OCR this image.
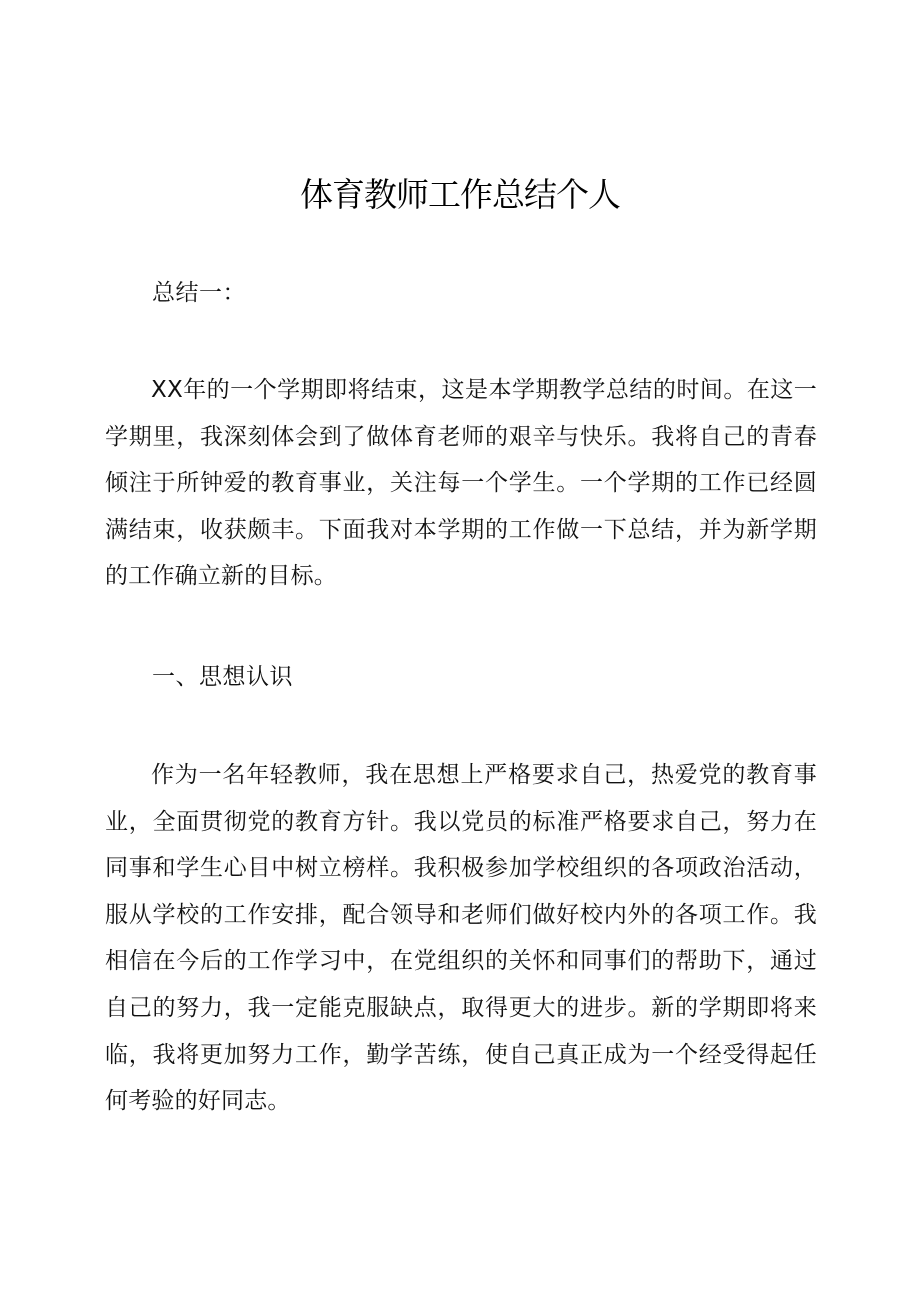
体育教师工作总结个人
总结一：

XX年的一个学期即将结束，这是本学期教学总结的时间。在这一学期里，我深刻体会到了做体育老师的艰辛与快乐。我将自己的青春倾注于所钟爱的教育事业，关注每一个学生。一个学期的工作已经圆满结束，收获颇丰。下面我对本学期的工作做一下总结，并为新学期的工作确立新的目标。

一、思想认识

作为一名年轻教师，我在思想上严格要求自己，热爱党的教育事业，全面贯彻党的教育方针。我以党员的标准严格要求自己，努力在同事和学生心目中树立榜样。我积极参加学校组织的各项政治活动，服从学校的工作安排，配合领导和老师们做好校内外的各项工作。我相信在今后的工作学习中，在党组织的关怀和同事们的帮助下，通过自己的努力，我一定能克服缺点，取得更大的进步。新的学期即将来临，我将更加努力工作，勤学苦练，使自己真正成为一个经受得起任何考验的好同志。
